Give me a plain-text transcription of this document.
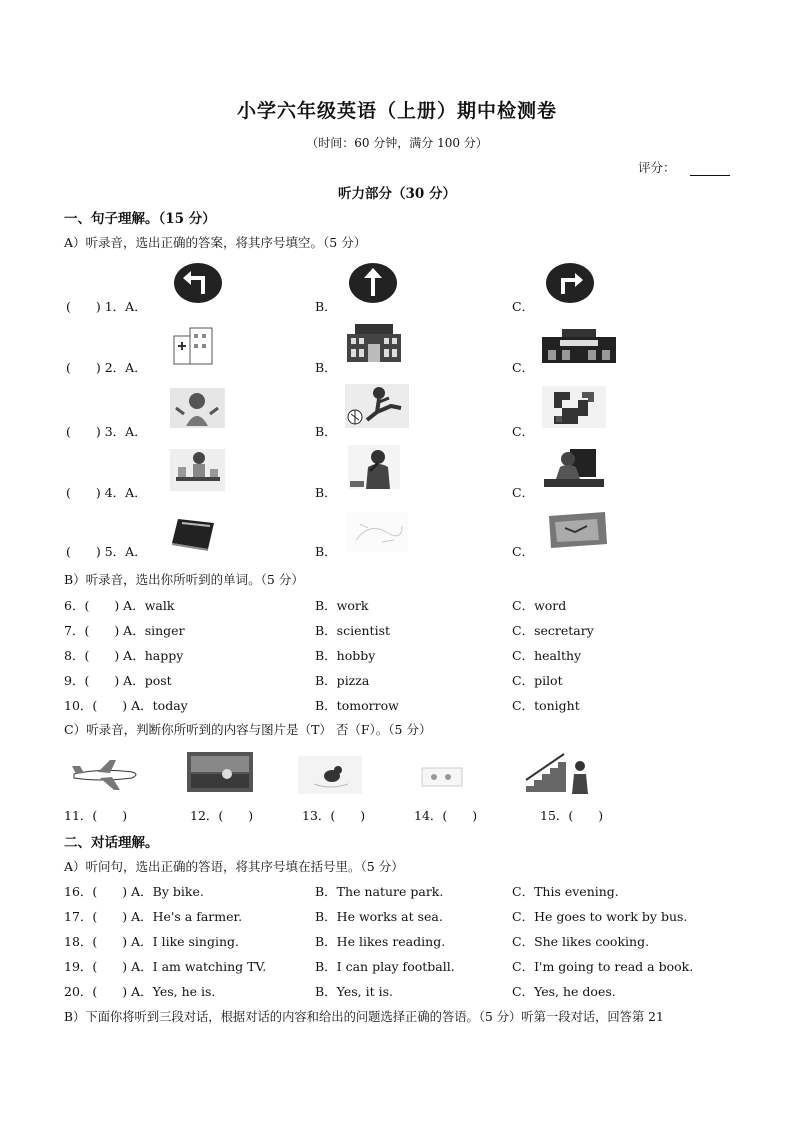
小学六年级英语（上册）期中检测卷
（时间：60 分钟，满分 100 分）
评分：
听力部分（30 分）
一、句子理解。（15 分）
A）听录音，选出正确的答案，将其序号填空。（5 分）
(　　) 1．A．	B．	C．
(　　) 2．A．	B．	C．
(　　) 3．A．	B．	C．
(　　) 4．A．	B．	C．
(　　) 5．A．	B．	C．
B）听录音，选出你所听到的单词。（5 分）
6．(　　) A．walk	B．work	C．word
7．(　　) A．singer	B．scientist	C．secretary
8．(　　) A．happy	B．hobby	C．healthy
9．(　　) A．post	B．pizza	C．pilot
10．(　　) A．today	B．tomorrow	C．tonight
C）听录音，判断你所听到的内容与图片是（T） 否（F）。（5 分）
11．(　　)	12．(　　)	13．(　　)	14．(　　)	15．(　　)
二、对话理解。
A）听问句，选出正确的答语，将其序号填在括号里。（5 分）
16．(　　) A．By bike.	B．The nature park.	C．This evening.
17．(　　) A．He's a farmer.	B．He works at sea.	C．He goes to work by bus.
18．(　　) A．I like singing.	B．He likes reading.	C．She likes cooking.
19．(　　) A．I am watching TV.	B．I can play football.	C．I'm going to read a book.
20．(　　) A．Yes, he is.	B．Yes, it is.	C．Yes, he does.
B）下面你将听到三段对话，根据对话的内容和给出的问题选择正确的答语。（5 分）听第一段对话，回答第 21
